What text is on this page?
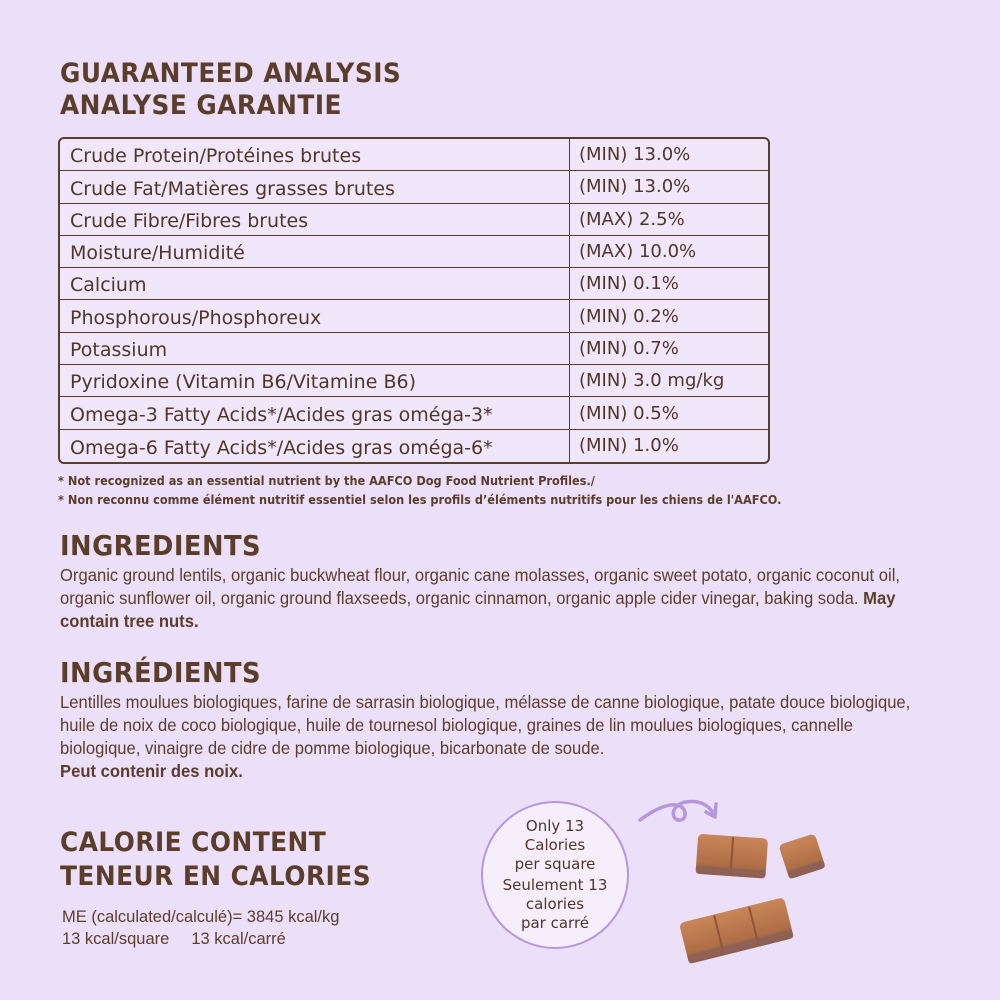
GUARANTEED ANALYSIS
ANALYSE GARANTIE
Crude Protein/Protéines brutes	(MIN) 13.0%
Crude Fat/Matières grasses brutes	(MIN) 13.0%
Crude Fibre/Fibres brutes	(MAX) 2.5%
Moisture/Humidité	(MAX) 10.0%
Calcium	(MIN) 0.1%
Phosphorous/Phosphoreux	(MIN) 0.2%
Potassium	(MIN) 0.7%
Pyridoxine (Vitamin B6/Vitamine B6)	(MIN) 3.0 mg/kg
Omega-3 Fatty Acids*/Acides gras oméga-3*	(MIN) 0.5%
Omega-6 Fatty Acids*/Acides gras oméga-6*	(MIN) 1.0%
* Not recognized as an essential nutrient by the AAFCO Dog Food Nutrient Profiles./
* Non reconnu comme élément nutritif essentiel selon les profils d’éléments nutritifs pour les chiens de l'AAFCO.
INGREDIENTS

Organic ground lentils, organic buckwheat flour, organic cane molasses, organic sweet potato, organic coconut oil, organic sunflower oil, organic ground flaxseeds, organic cinnamon, organic apple cider vinegar, baking soda. May contain tree nuts.

INGRÉDIENTS

Lentilles moulues biologiques, farine de sarrasin biologique, mélasse de canne biologique, patate douce biologique, huile de noix de coco biologique, huile de tournesol biologique, graines de lin moulues biologiques, cannelle biologique, vinaigre de cidre de pomme biologique, bicarbonate de soude.
Peut contenir des noix.

CALORIE CONTENT
TENEUR EN CALORIES
ME (calculated/calculé)= 3845 kcal/kg
13 kcal/square 13 kcal/carré
Only 13
Calories
per square
Seulement 13
calories
par carré
